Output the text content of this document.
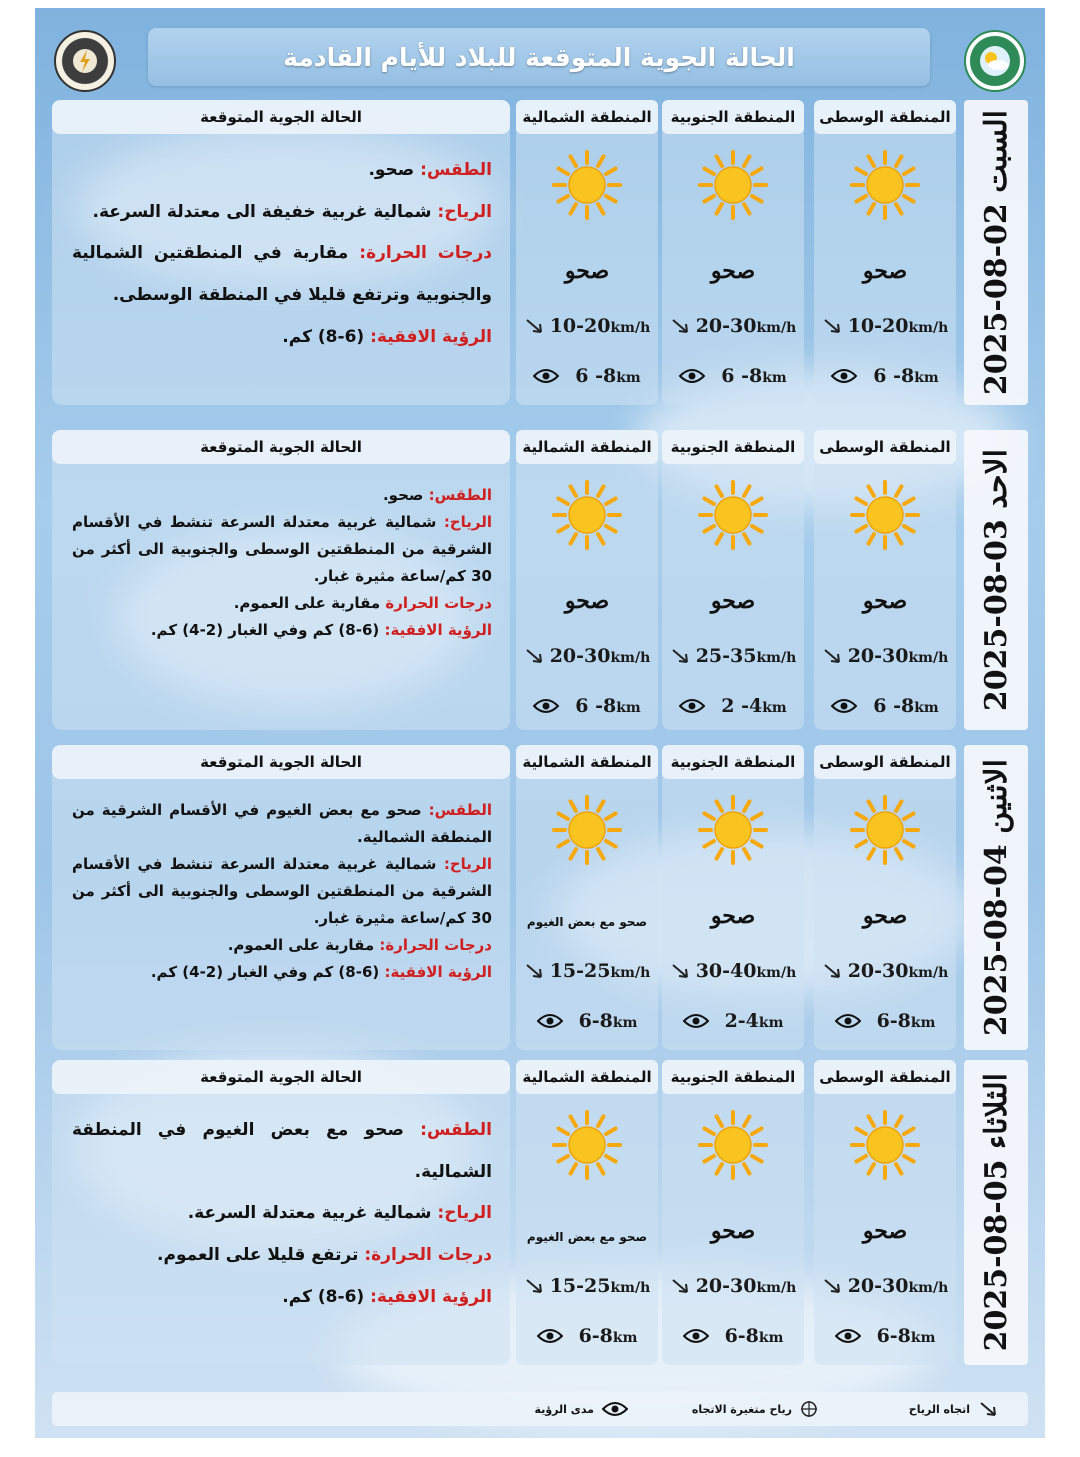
الحالة الجوية المتوقعة للبلاد للأيام القادمة
السبت 02-08-2025
المنطقة الوسطى
صحو
10-20 km/h
6 -8 km
المنطقة الجنوبية
صحو
20-30 km/h
6 -8 km
المنطقة الشمالية
صحو
10-20 km/h
6 -8 km
الحالة الجوية المتوقعة

الطقس: صحو.

الرياح: شمالية غربية خفيفة الى معتدلة السرعة.

درجات الحرارة: مقاربة في المنطقتين الشمالية والجنوبية وترتفع قليلا في المنطقة الوسطى.

الرؤية الافقية: (6-8) كم.

الاحد 03-08-2025
المنطقة الوسطى
صحو
20-30 km/h
6 -8 km
المنطقة الجنوبية
صحو
25-35 km/h
2 -4 km
المنطقة الشمالية
صحو
20-30 km/h
6 -8 km
الحالة الجوية المتوقعة

الطقس: صحو.

الرياح: شمالية غربية معتدلة السرعة تنشط في الأقسام الشرقية من المنطقتين الوسطى والجنوبية الى أكثر من 30 كم/ساعة مثيرة غبار.

درجات الحرارة مقاربة على العموم.

الرؤية الافقية: (6-8) كم وفي الغبار (2-4) كم.

الاثنين 04-08-2025
المنطقة الوسطى
صحو
20-30 km/h
6-8 km
المنطقة الجنوبية
صحو
30-40 km/h
2-4 km
المنطقة الشمالية
صحو مع بعض الغيوم
15-25 km/h
6-8 km
الحالة الجوية المتوقعة

الطقس: صحو مع بعض الغيوم في الأقسام الشرقية من المنطقة الشمالية.

الرياح: شمالية غربية معتدلة السرعة تنشط في الأقسام الشرقية من المنطقتين الوسطى والجنوبية الى أكثر من 30 كم/ساعة مثيرة غبار.

درجات الحرارة: مقاربة على العموم.

الرؤية الافقية: (6-8) كم وفي الغبار (2-4) كم.

الثلاثاء 05-08-2025
المنطقة الوسطى
صحو
20-30 km/h
6-8 km
المنطقة الجنوبية
صحو
20-30 km/h
6-8 km
المنطقة الشمالية
صحو مع بعض الغيوم
15-25 km/h
6-8 km
الحالة الجوية المتوقعة

الطقس: صحو مع بعض الغيوم في المنطقة الشمالية.

الرياح: شمالية غربية معتدلة السرعة.

درجات الحرارة: ترتفع قليلا على العموم.

الرؤية الافقية: (6-8) كم.

اتجاه الرياح
رياح متغيرة الاتجاه
مدى الرؤية
